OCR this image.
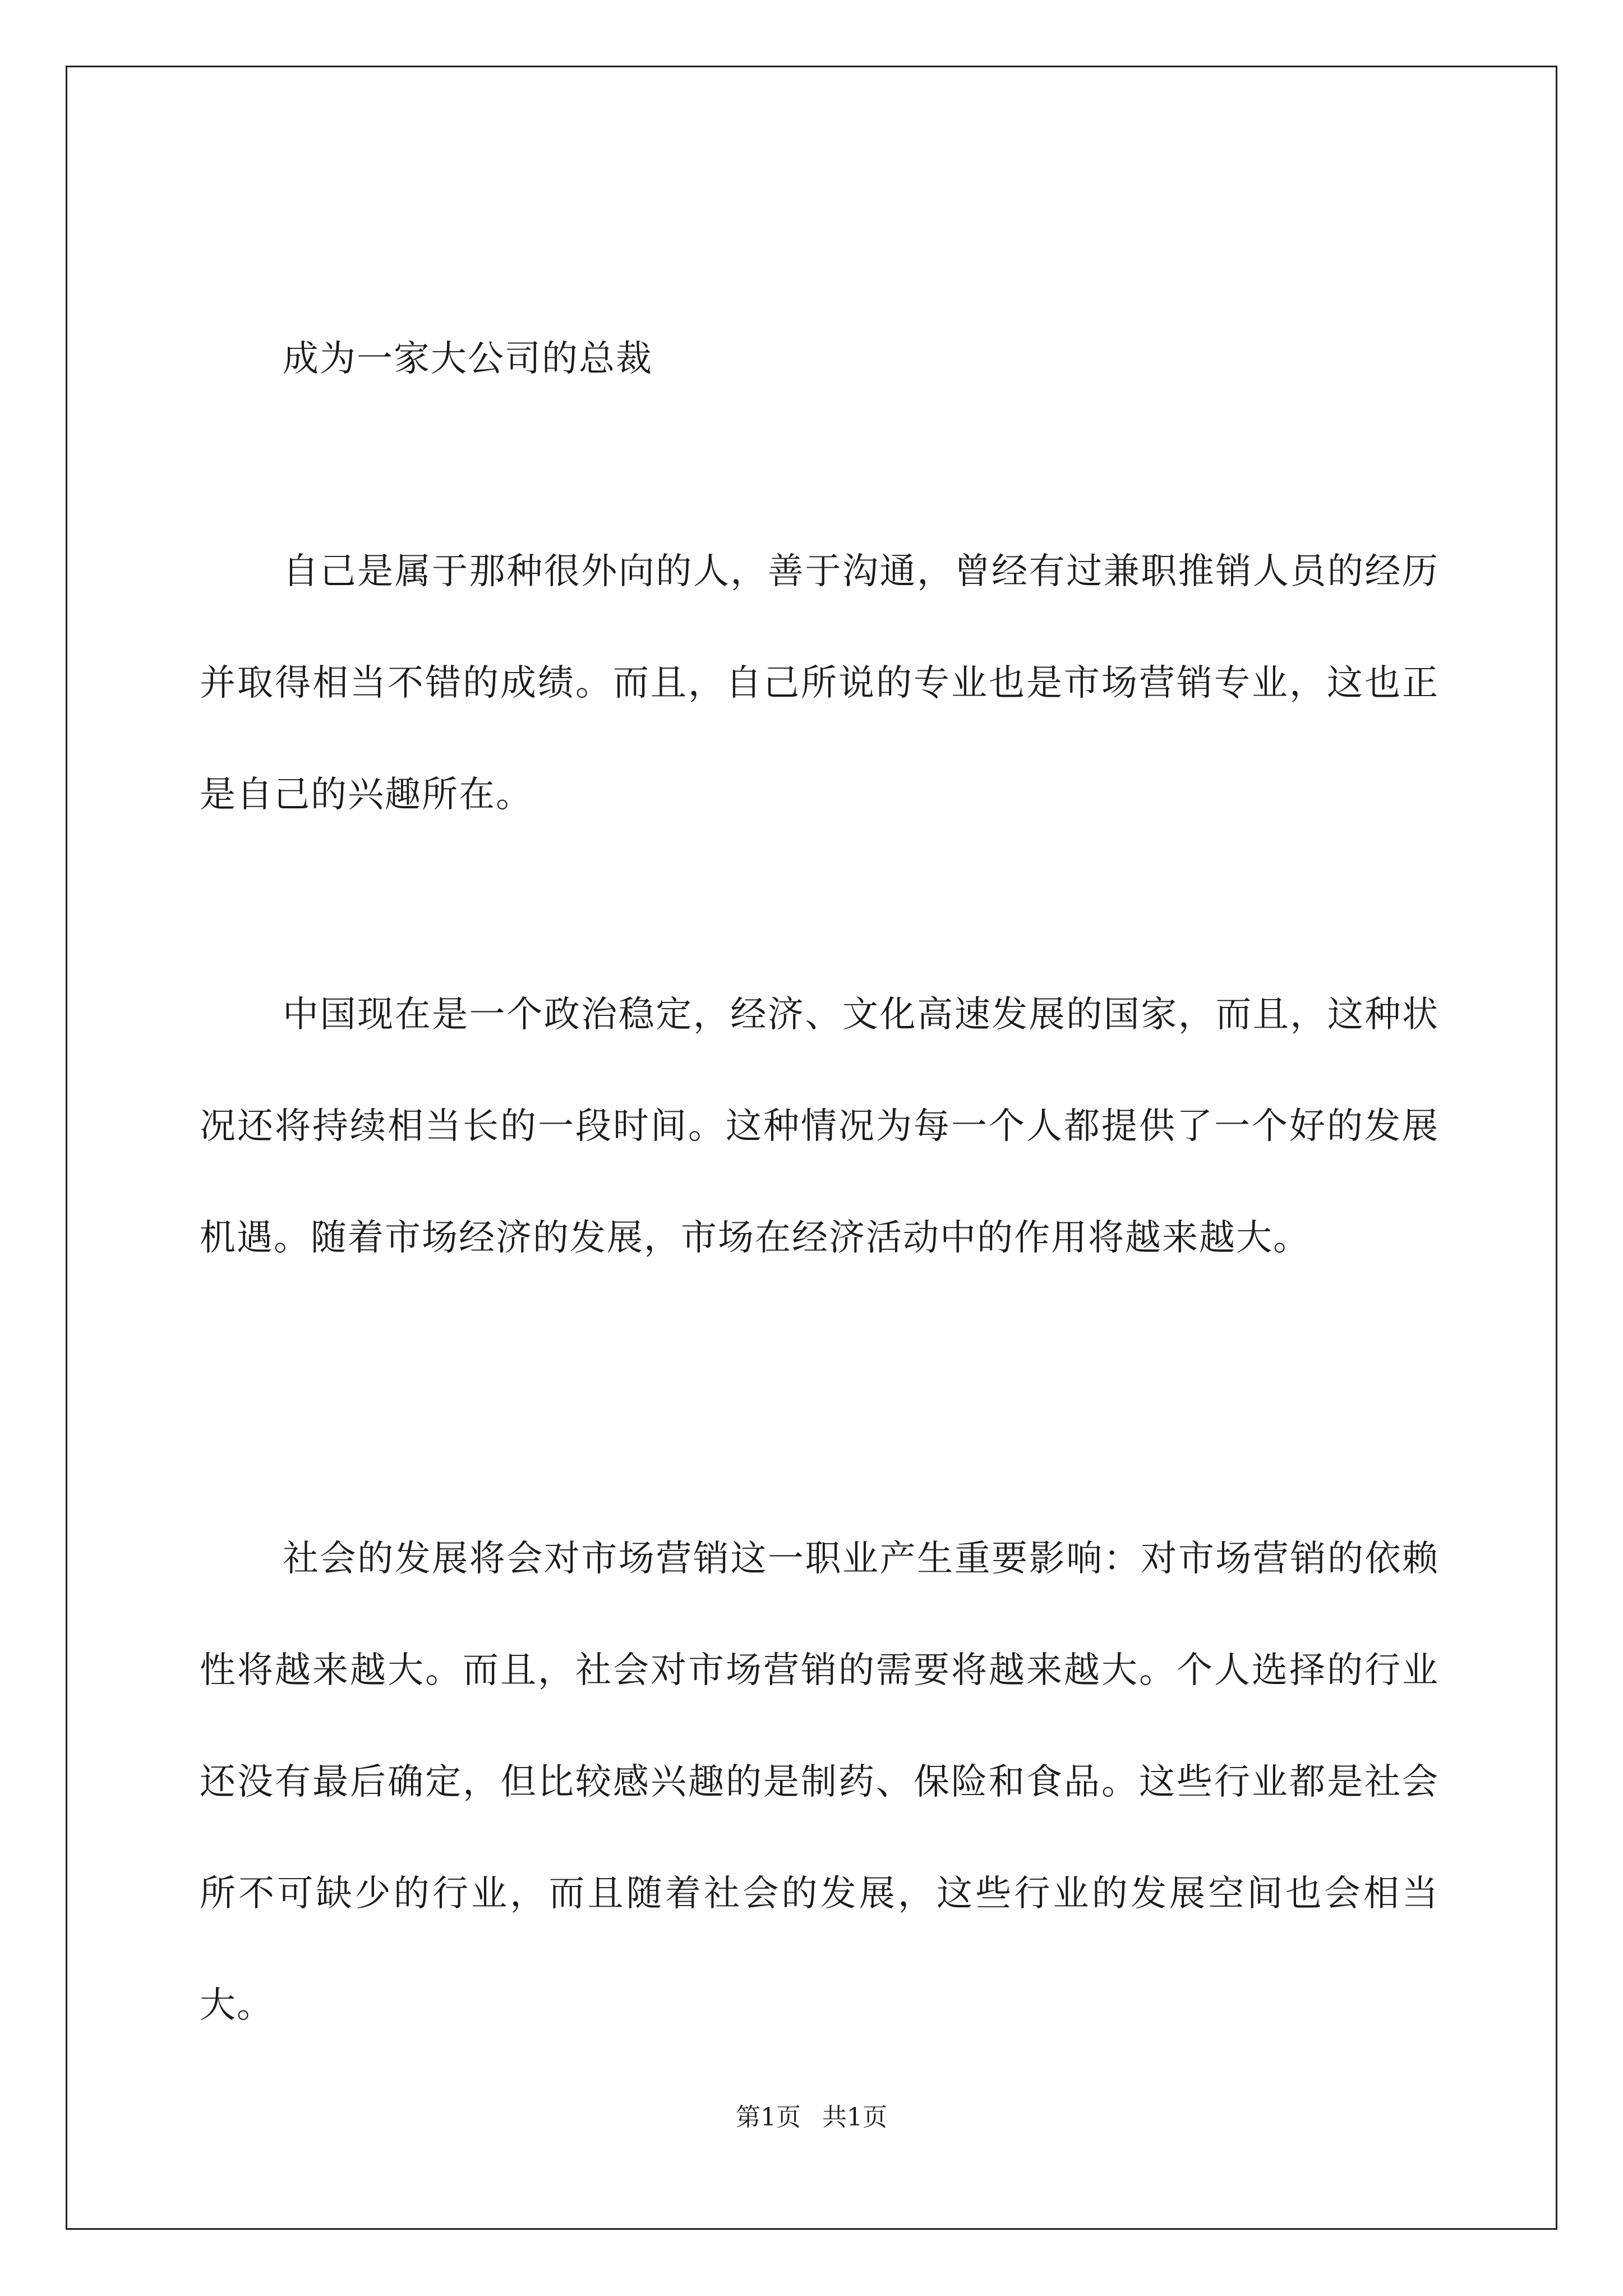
成为一家大公司的总裁

自己是属于那种很外向的人，善于沟通，曾经有过兼职推销人员的经历并取得相当不错的成绩。而且，自己所说的专业也是市场营销专业，这也正是自己的兴趣所在。

中国现在是一个政治稳定，经济、文化高速发展的国家，而且，这种状况还将持续相当长的一段时间。这种情况为每一个人都提供了一个好的发展机遇。随着市场经济的发展，市场在经济活动中的作用将越来越大。

社会的发展将会对市场营销这一职业产生重要影响：对市场营销的依赖性将越来越大。而且，社会对市场营销的需要将越来越大。个人选择的行业还没有最后确定，但比较感兴趣的是制药、保险和食品。这些行业都是社会所不可缺少的行业，而且随着社会的发展，这些行业的发展空间也会相当大。

第1页 共1页
